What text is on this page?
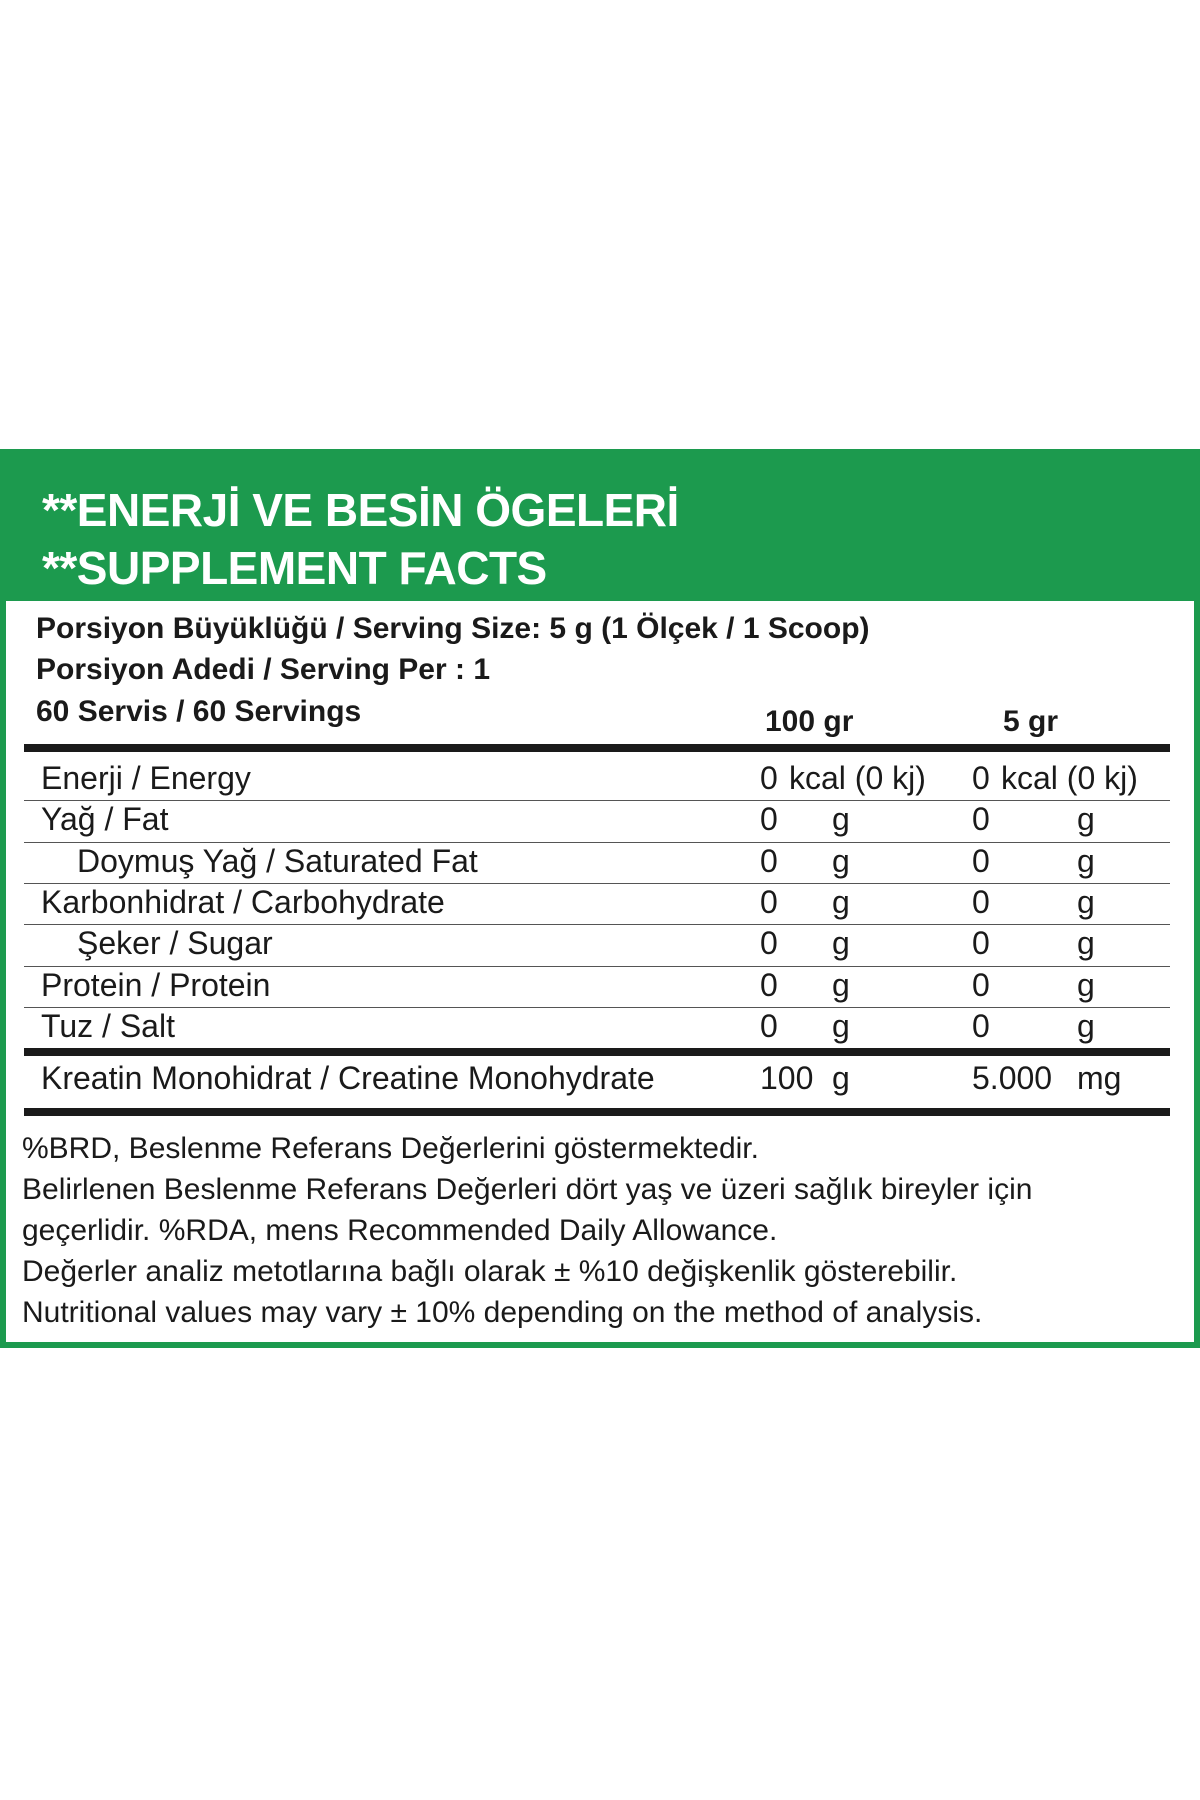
**ENERJİ VE BESİN ÖGELERİ
**SUPPLEMENT FACTS
Porsiyon Büyüklüğü / Serving Size: 5 g (1 Ölçek / 1 Scoop)
Porsiyon Adedi / Serving Per : 1
60 Servis / 60 Servings	100 gr	5 gr
Enerji / Energy	0 kcal (0 kj) 0 kcal (0 kj)
Yağ / Fat	0 g	0	g
Doymuş Yağ / Saturated Fat	0 g	0	g
Karbonhidrat / Carbohydrate	0 g	0	g
Şeker / Sugar	0 g	0	g
Protein / Protein	0 g	0	g
Tuz / Salt	0 g	0	g
Kreatin Monohidrat / Creatine Monohydrate	100 g	5.000 mg
%BRD, Beslenme Referans Değerlerini göstermektedir.
Belirlenen Beslenme Referans Değerleri dört yaş ve üzeri sağlık bireyler için
geçerlidir. %RDA, mens Recommended Daily Allowance.
Değerler analiz metotlarına bağlı olarak ± %10 değişkenlik gösterebilir.
Nutritional values may vary ± 10% depending on the method of analysis.
